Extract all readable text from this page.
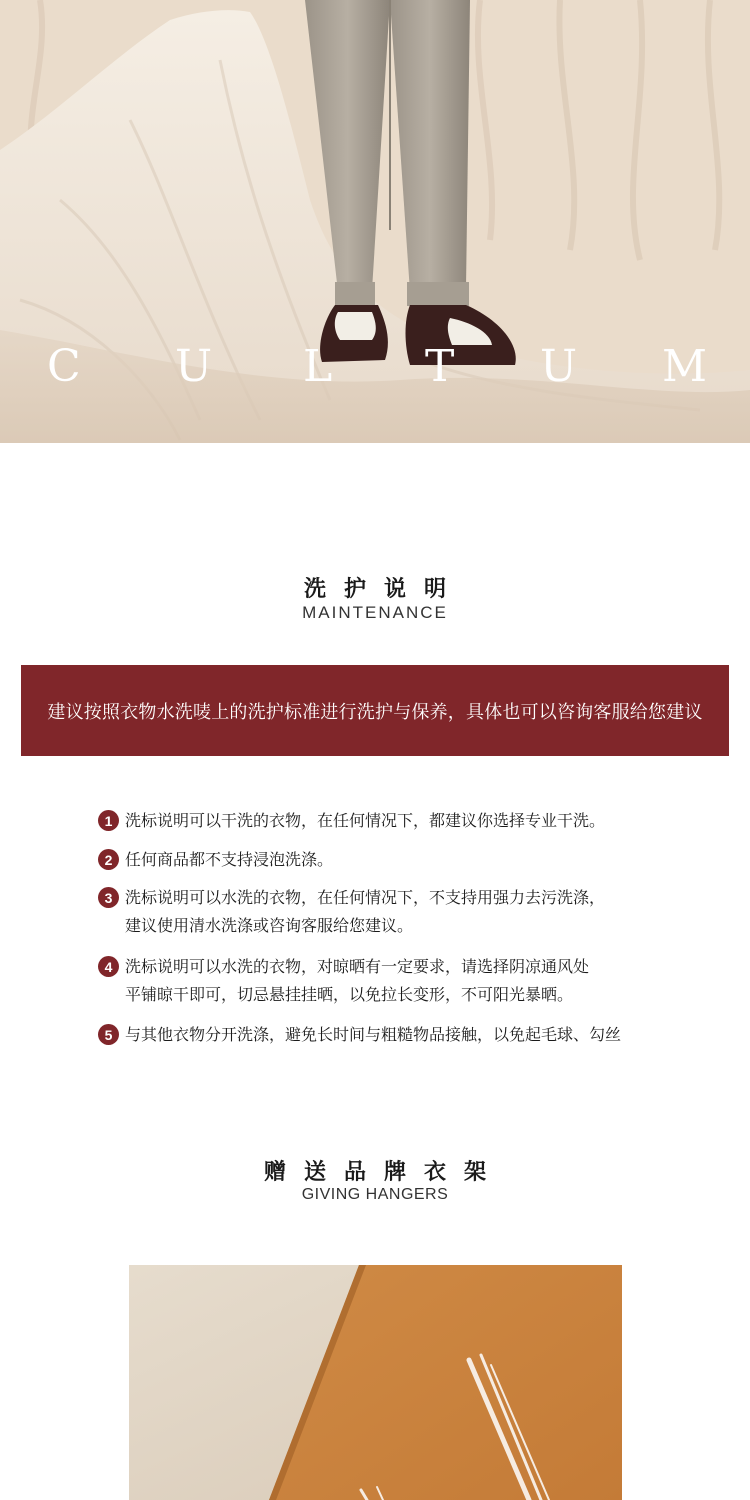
C U L T U M
洗护说明
MAINTENANCE
建议按照衣物水洗唛上的洗护标准进行洗护与保养，具体也可以咨询客服给您建议
1 洗标说明可以干洗的衣物，在任何情况下，都建议你选择专业干洗。
2 任何商品都不支持浸泡洗涤。
3 洗标说明可以水洗的衣物，在任何情况下，不支持用强力去污洗涤，
建议使用清水洗涤或咨询客服给您建议。
4 洗标说明可以水洗的衣物，对晾晒有一定要求，请选择阴凉通风处
平铺晾干即可，切忌悬挂挂晒，以免拉长变形，不可阳光暴晒。
5 与其他衣物分开洗涤，避免长时间与粗糙物品接触，以免起毛球、勾丝
赠送品牌衣架
GIVING HANGERS
